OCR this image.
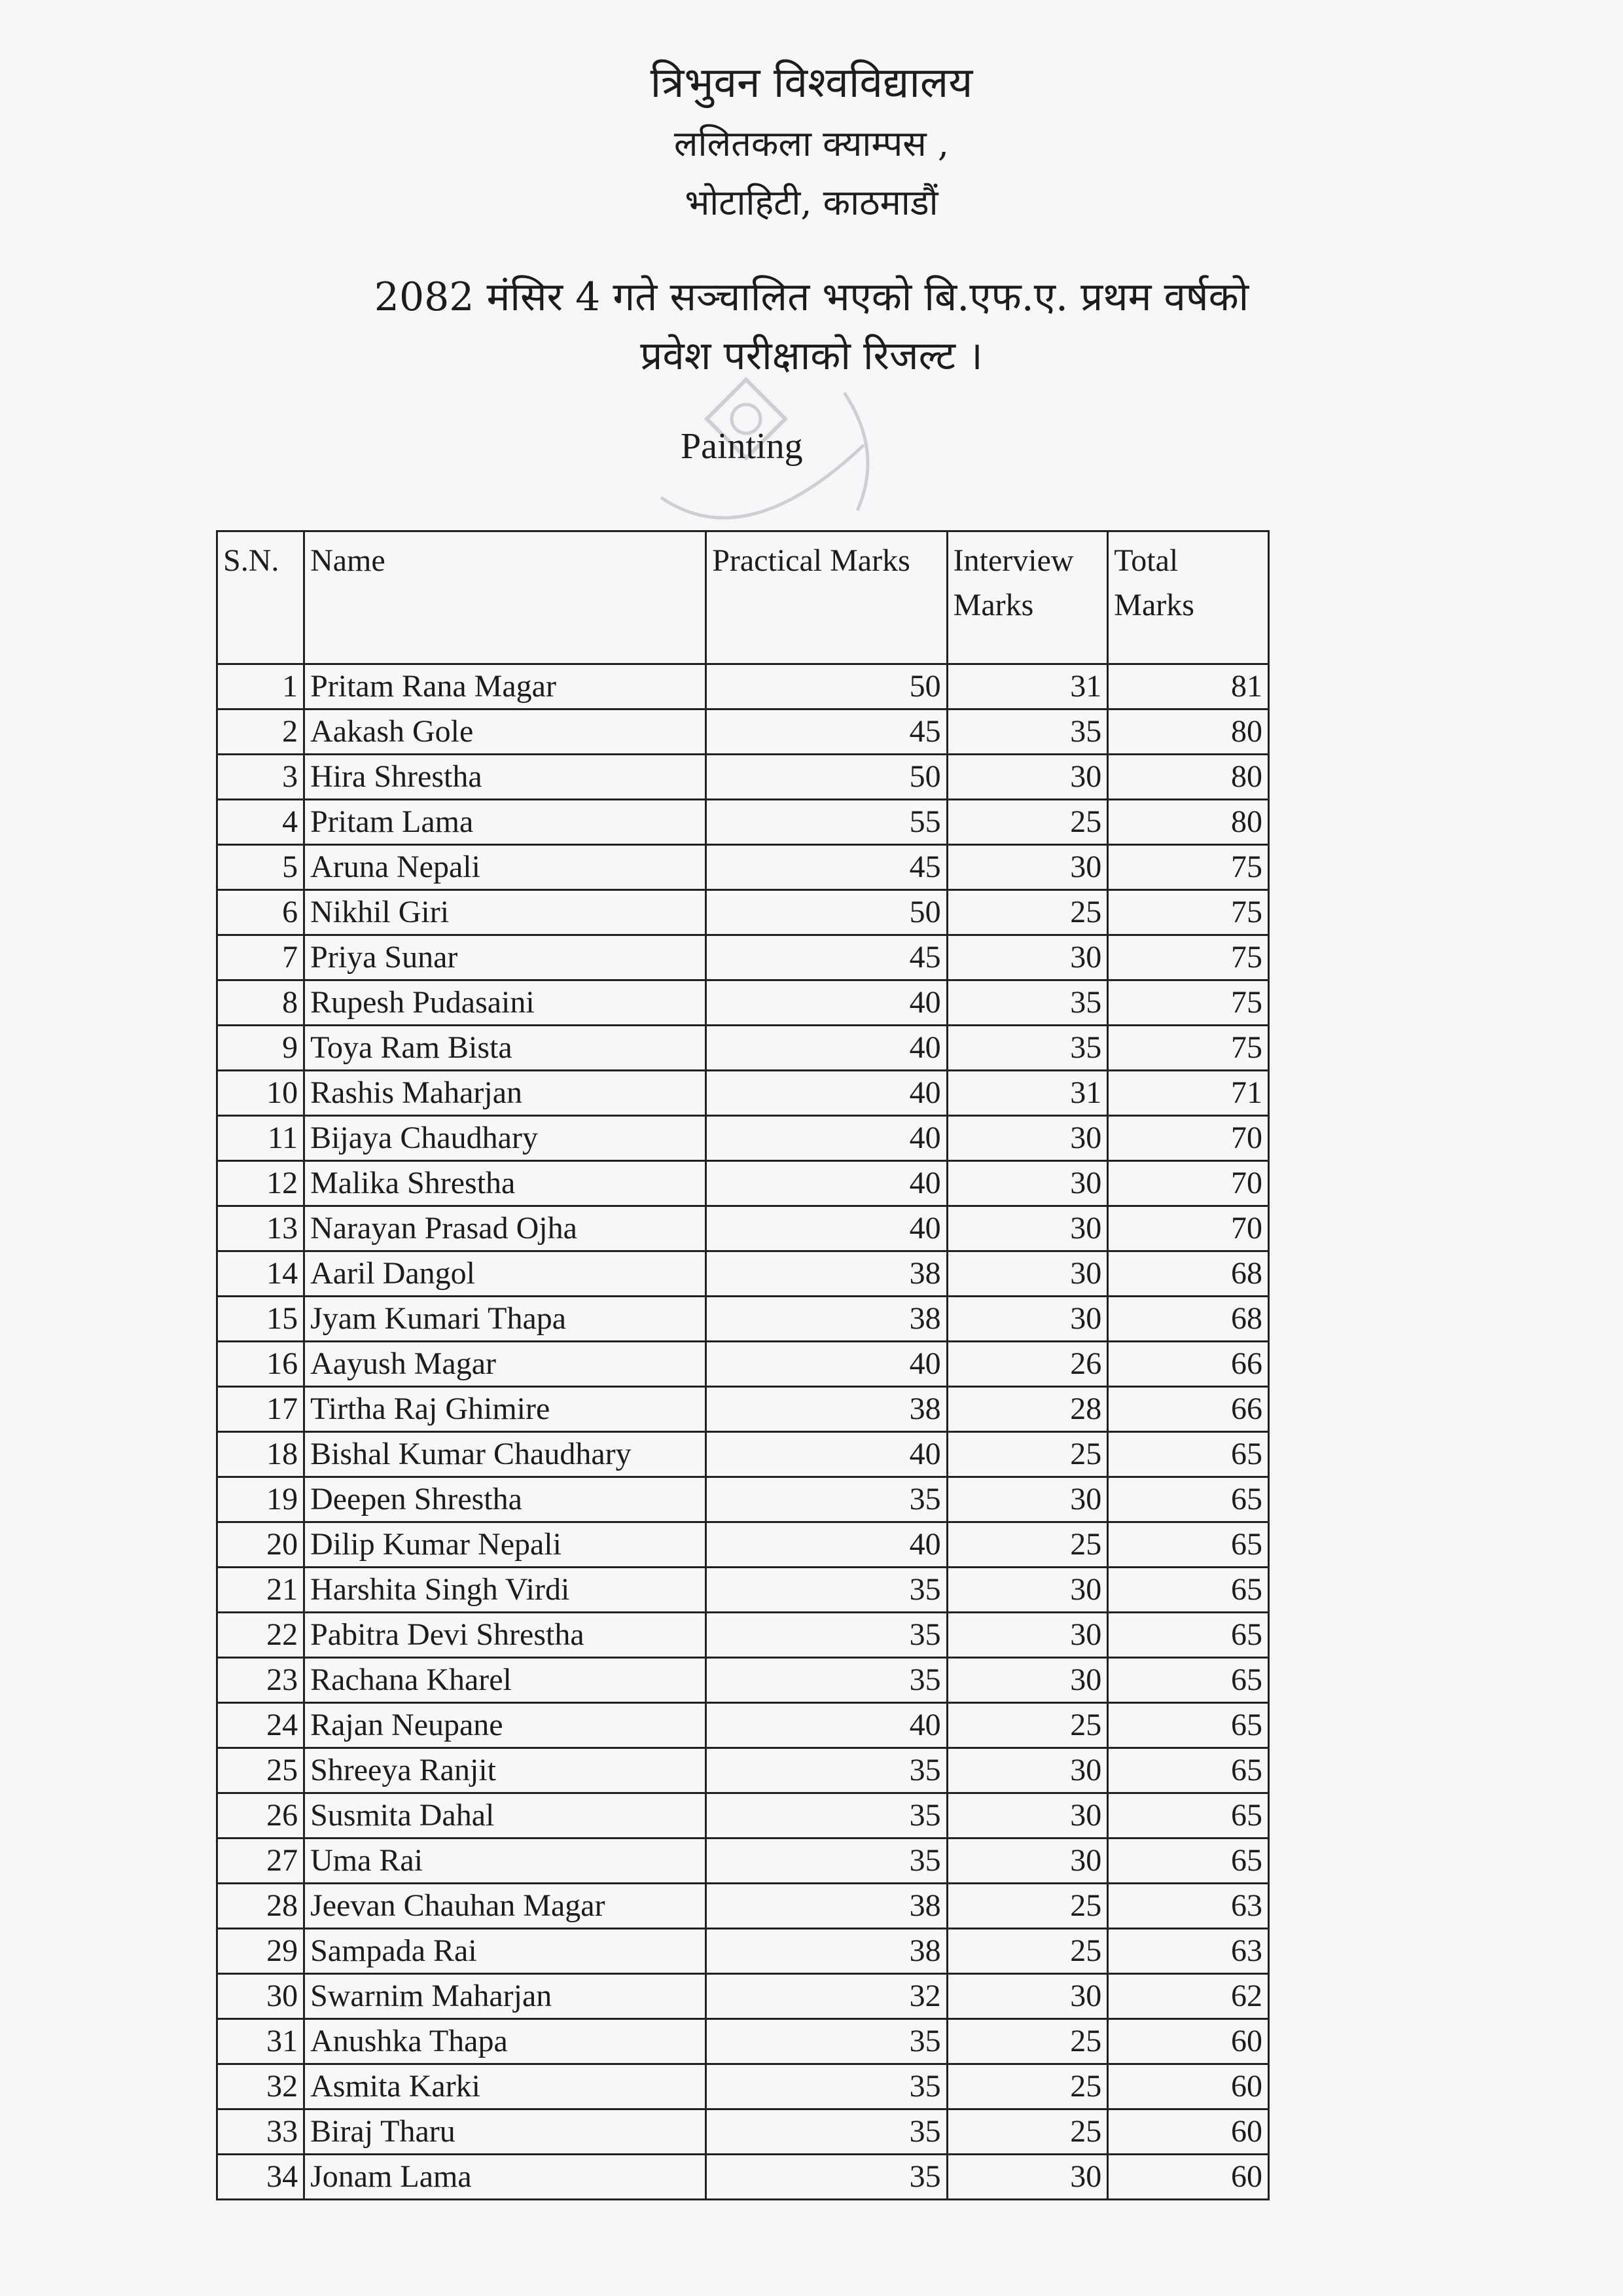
त्रिभुवन विश्वविद्यालय
ललितकला क्याम्पस ,
भोटाहिटी, काठमाडौं
2082 मंसिर 4 गते सञ्चालित भएको बि.एफ.ए. प्रथम वर्षको
प्रवेश परीक्षाको रिजल्ट ।
Painting
S.N.	Name	Practical Marks	Interview Marks	Total Marks
1	Pritam Rana Magar	50	31	81
2	Aakash Gole	45	35	80
3	Hira Shrestha	50	30	80
4	Pritam Lama	55	25	80
5	Aruna Nepali	45	30	75
6	Nikhil Giri	50	25	75
7	Priya Sunar	45	30	75
8	Rupesh Pudasaini	40	35	75
9	Toya Ram Bista	40	35	75
10	Rashis Maharjan	40	31	71
11	Bijaya Chaudhary	40	30	70
12	Malika Shrestha	40	30	70
13	Narayan Prasad Ojha	40	30	70
14	Aaril Dangol	38	30	68
15	Jyam Kumari Thapa	38	30	68
16	Aayush Magar	40	26	66
17	Tirtha Raj Ghimire	38	28	66
18	Bishal Kumar Chaudhary	40	25	65
19	Deepen Shrestha	35	30	65
20	Dilip Kumar Nepali	40	25	65
21	Harshita Singh Virdi	35	30	65
22	Pabitra Devi Shrestha	35	30	65
23	Rachana Kharel	35	30	65
24	Rajan Neupane	40	25	65
25	Shreeya Ranjit	35	30	65
26	Susmita Dahal	35	30	65
27	Uma Rai	35	30	65
28	Jeevan Chauhan Magar	38	25	63
29	Sampada Rai	38	25	63
30	Swarnim Maharjan	32	30	62
31	Anushka Thapa	35	25	60
32	Asmita Karki	35	25	60
33	Biraj Tharu	35	25	60
34	Jonam Lama	35	30	60
